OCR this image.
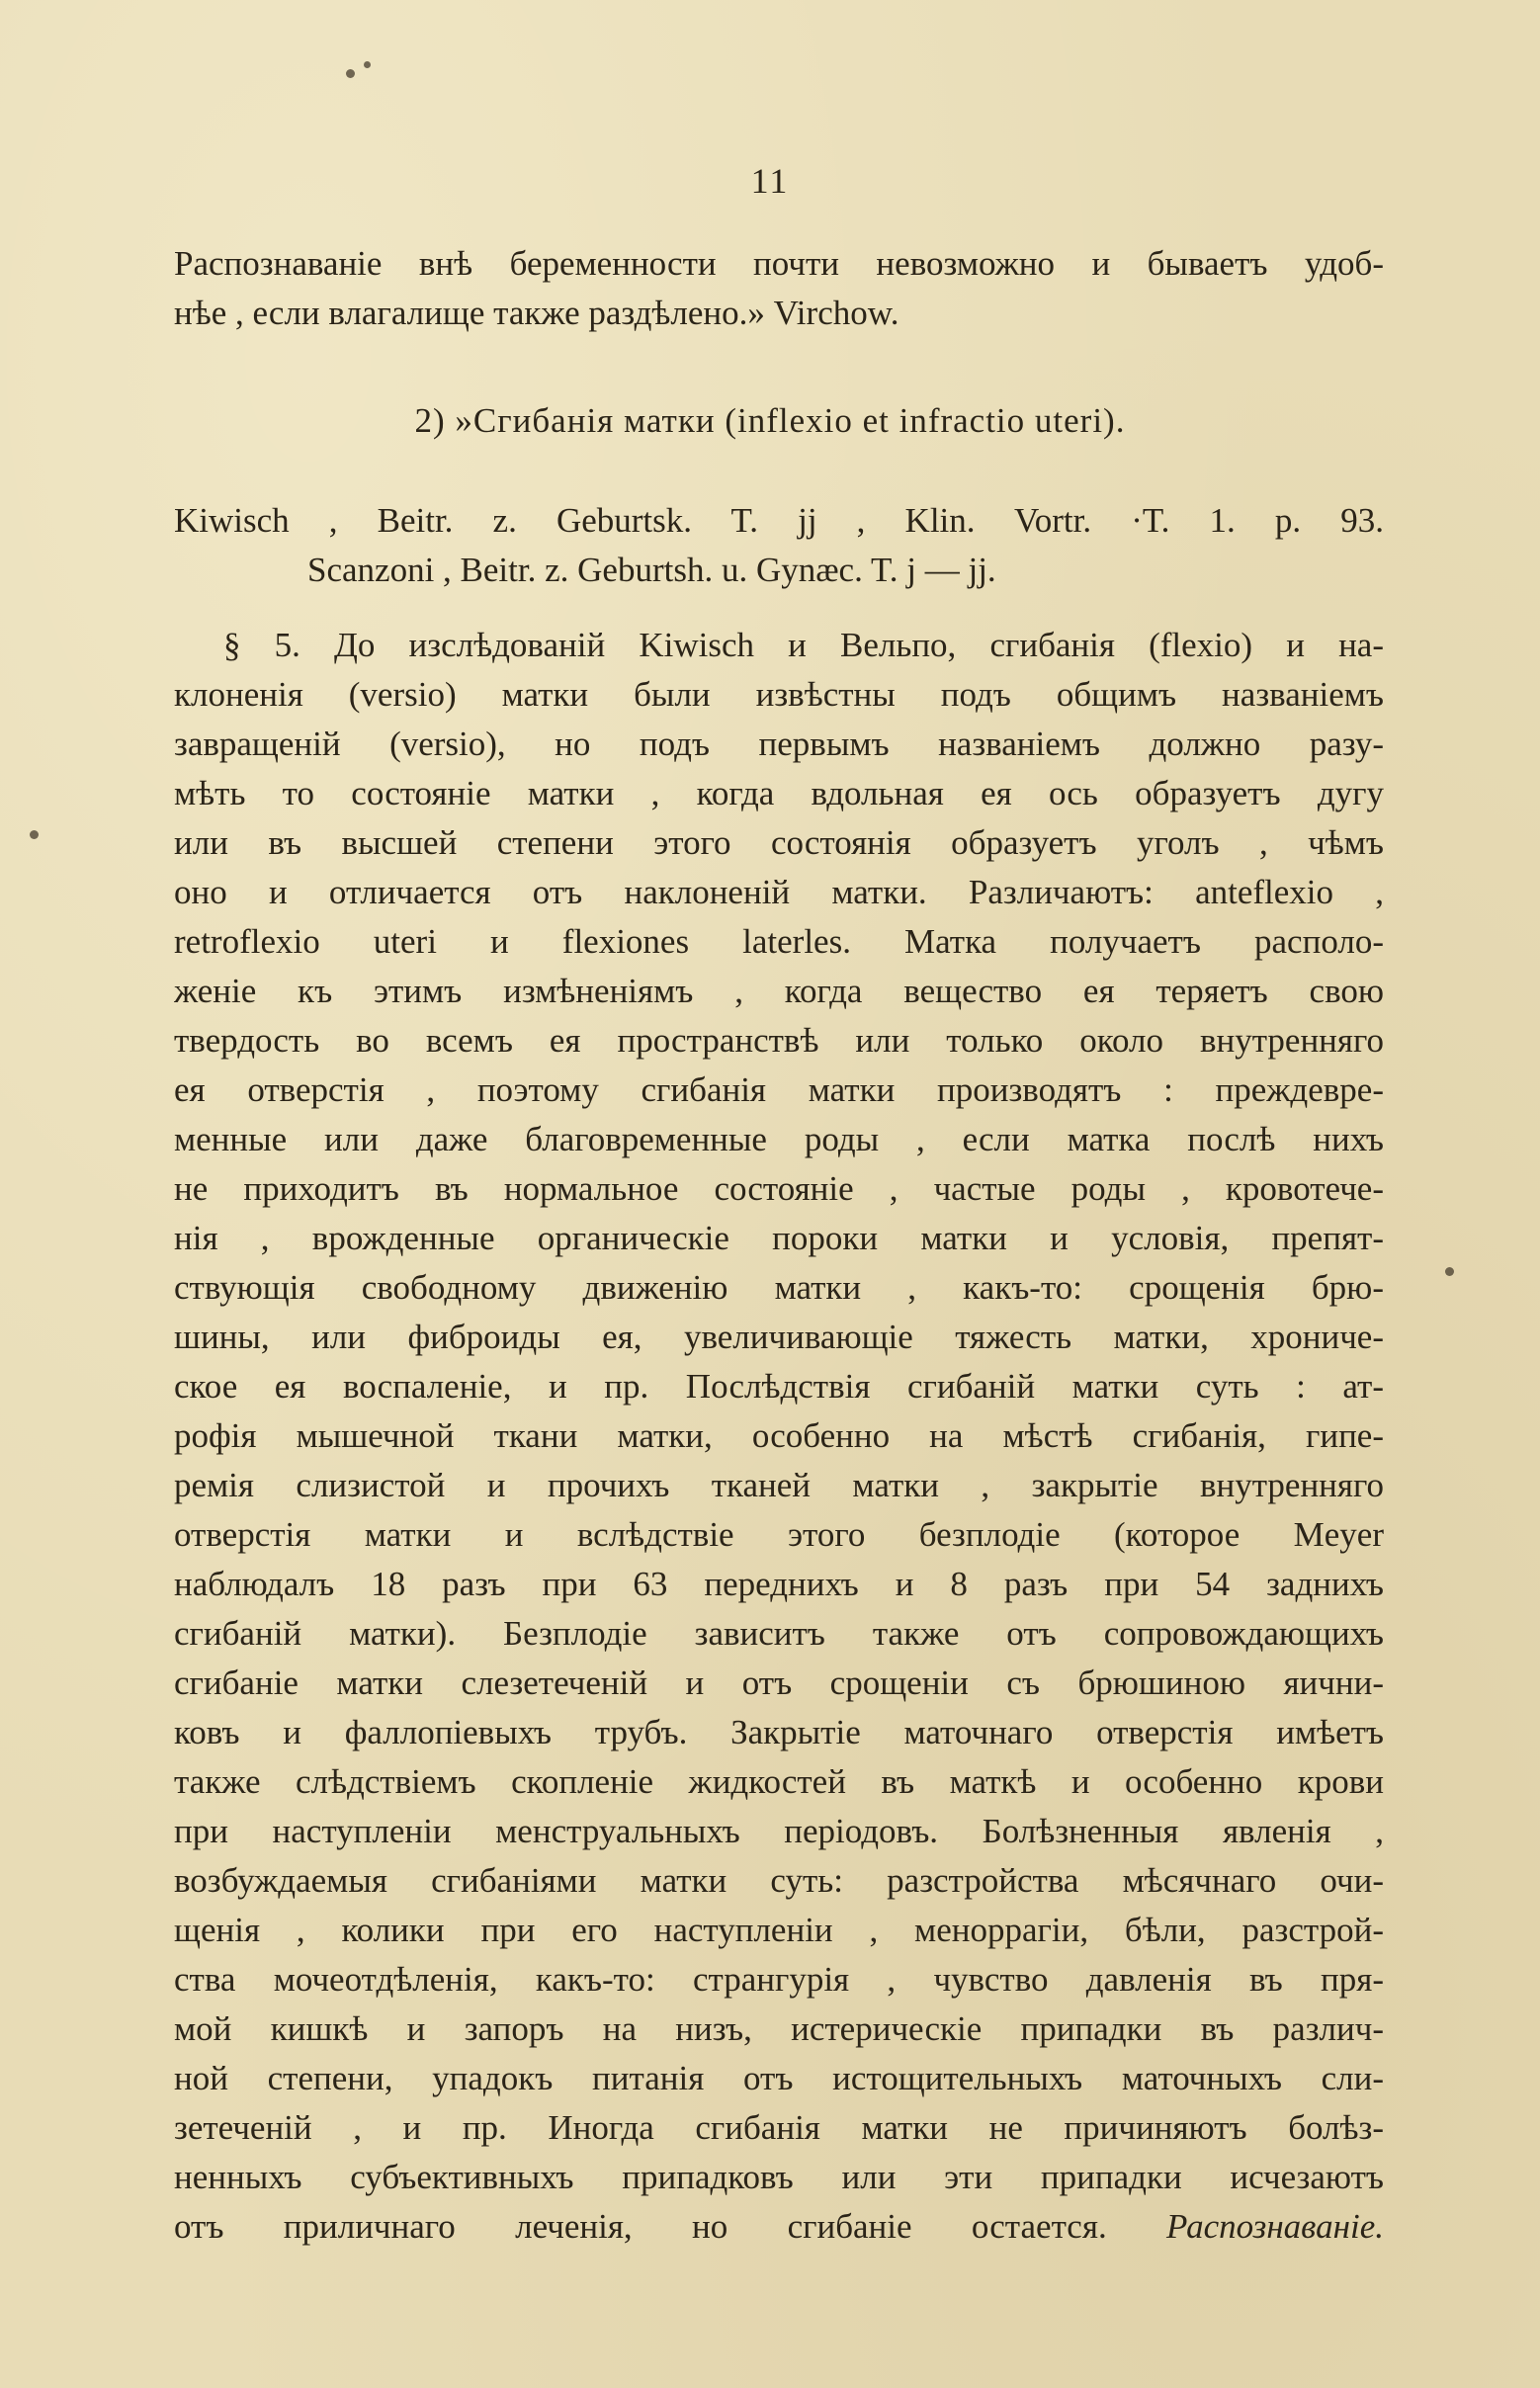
11
Распознаваніе внѣ беременности почти невозможно и бываетъ удоб-
нѣе , если влагалище также раздѣлено.» Virchow.
2) »Сгибанія матки (inflexio et infractio uteri).
Kiwisch , Beitr. z. Geburtsk. T. jj , Klin. Vortr. ·T. 1. p. 93.
Scanzoni , Beitr. z. Geburtsh. u. Gynæc. T. j — jj.
§ 5. До изслѣдованій Kiwisch и Вельпо, сгибанія (flexio) и на-
клоненія (versio) матки были извѣстны подъ общимъ названіемъ
завращеній (versio), но подъ первымъ названіемъ должно разу-
мѣть то состояніе матки , когда вдольная ея ось образуетъ дугу
или въ высшей степени этого состоянія образуетъ уголъ , чѣмъ
оно и отличается отъ наклоненій матки. Различаютъ: anteflexio ,
retroflexio uteri и flexiones laterles. Матка получаетъ располо-
женіе къ этимъ измѣненіямъ , когда вещество ея теряетъ свою
твердость во всемъ ея пространствѣ или только около внутренняго
ея отверстія , поэтому сгибанія матки производятъ : преждевре-
менные или даже благовременные роды , если матка послѣ нихъ
не приходитъ въ нормальное состояніе , частые роды , кровотече-
нія , врожденные органическіе пороки матки и условія, препят-
ствующія свободному движенію матки , какъ-то: срощенія брю-
шины, или фиброиды ея, увеличивающіе тяжесть матки, хрониче-
ское ея воспаленіе, и пр. Послѣдствія сгибаній матки суть : ат-
рофія мышечной ткани матки, особенно на мѣстѣ сгибанія, гипе-
ремія слизистой и прочихъ тканей матки , закрытіе внутренняго
отверстія матки и вслѣдствіе этого безплодіе (которое Meyer
наблюдалъ 18 разъ при 63 переднихъ и 8 разъ при 54 заднихъ
сгибаній матки). Безплодіе зависитъ также отъ сопровождающихъ
сгибаніе матки слезетеченій и отъ срощеніи съ брюшиною яични-
ковъ и фаллопіевыхъ трубъ. Закрытіе маточнаго отверстія имѣетъ
также слѣдствіемъ скопленіе жидкостей въ маткѣ и особенно крови
при наступленіи менструальныхъ періодовъ. Болѣзненныя явленія ,
возбуждаемыя сгибаніями матки суть: разстройства мѣсячнаго очи-
щенія , колики при его наступленіи , меноррагіи, бѣли, разстрой-
ства мочеотдѣленія, какъ-то: странгурія , чувство давленія въ пря-
мой кишкѣ и запоръ на низъ, истерическіе припадки въ различ-
ной степени, упадокъ питанія отъ истощительныхъ маточныхъ сли-
зетеченій , и пр. Иногда сгибанія матки не причиняютъ болѣз-
ненныхъ субъективныхъ припадковъ или эти припадки исчезаютъ
отъ приличнаго леченія, но сгибаніе остается. Распознаваніе.
